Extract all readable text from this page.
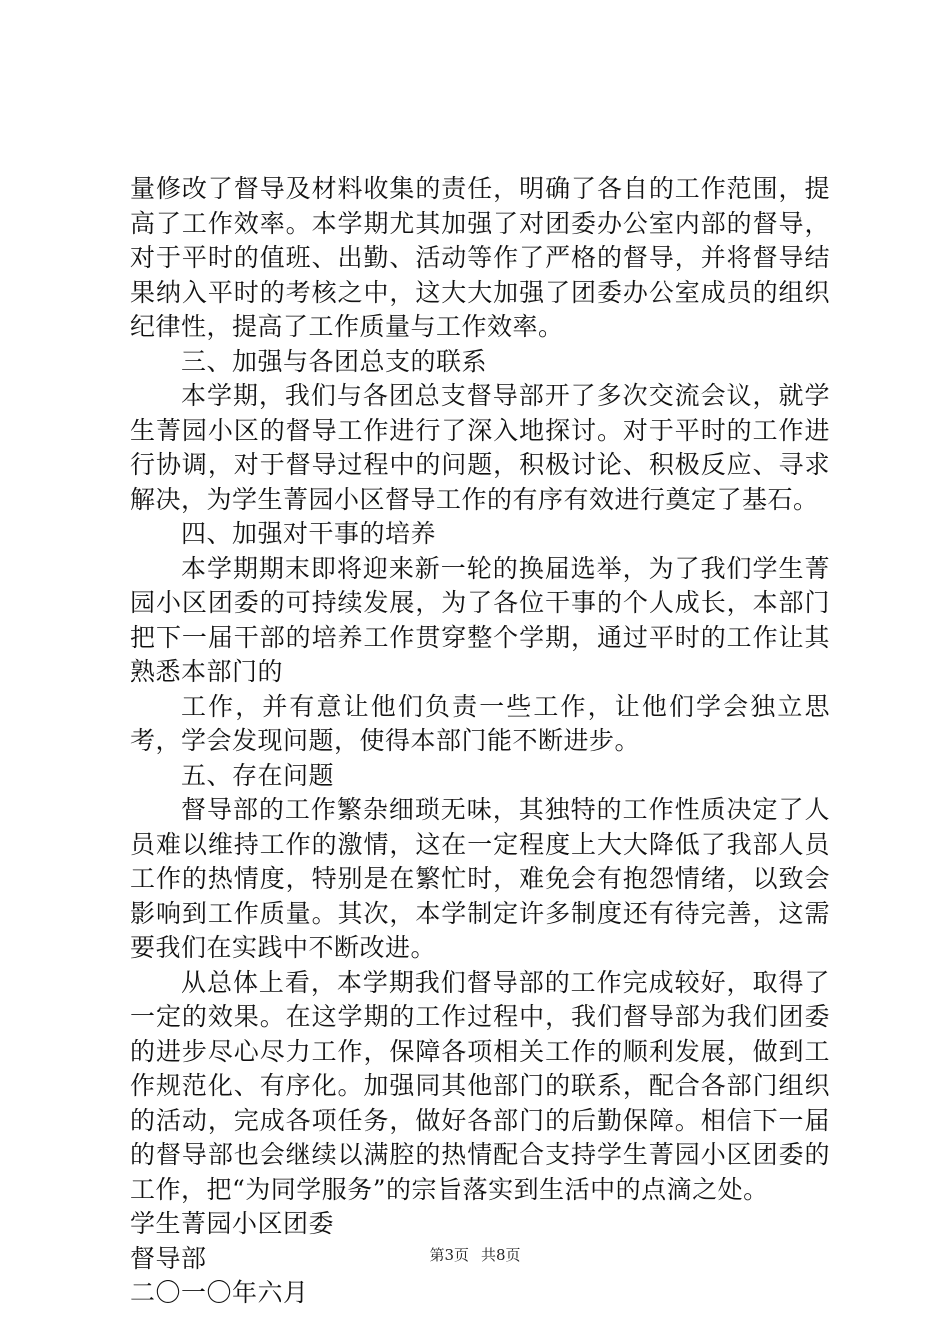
量修改了督导及材料收集的责任，明确了各自的工作范围，提高了工作效率。本学期尤其加强了对团委办公室内部的督导，对于平时的值班、出勤、活动等作了严格的督导，并将督导结果纳入平时的考核之中，这大大加强了团委办公室成员的组织纪律性，提高了工作质量与工作效率。

三、加强与各团总支的联系

本学期，我们与各团总支督导部开了多次交流会议，就学生菁园小区的督导工作进行了深入地探讨。对于平时的工作进行协调，对于督导过程中的问题，积极讨论、积极反应、寻求解决，为学生菁园小区督导工作的有序有效进行奠定了基石。

四、加强对干事的培养

本学期期末即将迎来新一轮的换届选举，为了我们学生菁园小区团委的可持续发展，为了各位干事的个人成长，本部门把下一届干部的培养工作贯穿整个学期，通过平时的工作让其熟悉本部门的

工作，并有意让他们负责一些工作，让他们学会独立思考，学会发现问题，使得本部门能不断进步。

五、存在问题

督导部的工作繁杂细琐无味，其独特的工作性质决定了人员难以维持工作的激情，这在一定程度上大大降低了我部人员工作的热情度，特别是在繁忙时，难免会有抱怨情绪，以致会影响到工作质量。其次，本学制定许多制度还有待完善，这需要我们在实践中不断改进。

从总体上看，本学期我们督导部的工作完成较好，取得了一定的效果。在这学期的工作过程中，我们督导部为我们团委的进步尽心尽力工作，保障各项相关工作的顺利发展，做到工作规范化、有序化。加强同其他部门的联系，配合各部门组织的活动，完成各项任务，做好各部门的后勤保障。相信下一届的督导部也会继续以满腔的热情配合支持学生菁园小区团委的工作，把“为同学服务”的宗旨落实到生活中的点滴之处。

学生菁园小区团委

督导部

二〇一〇年六月

第3页 共8页
